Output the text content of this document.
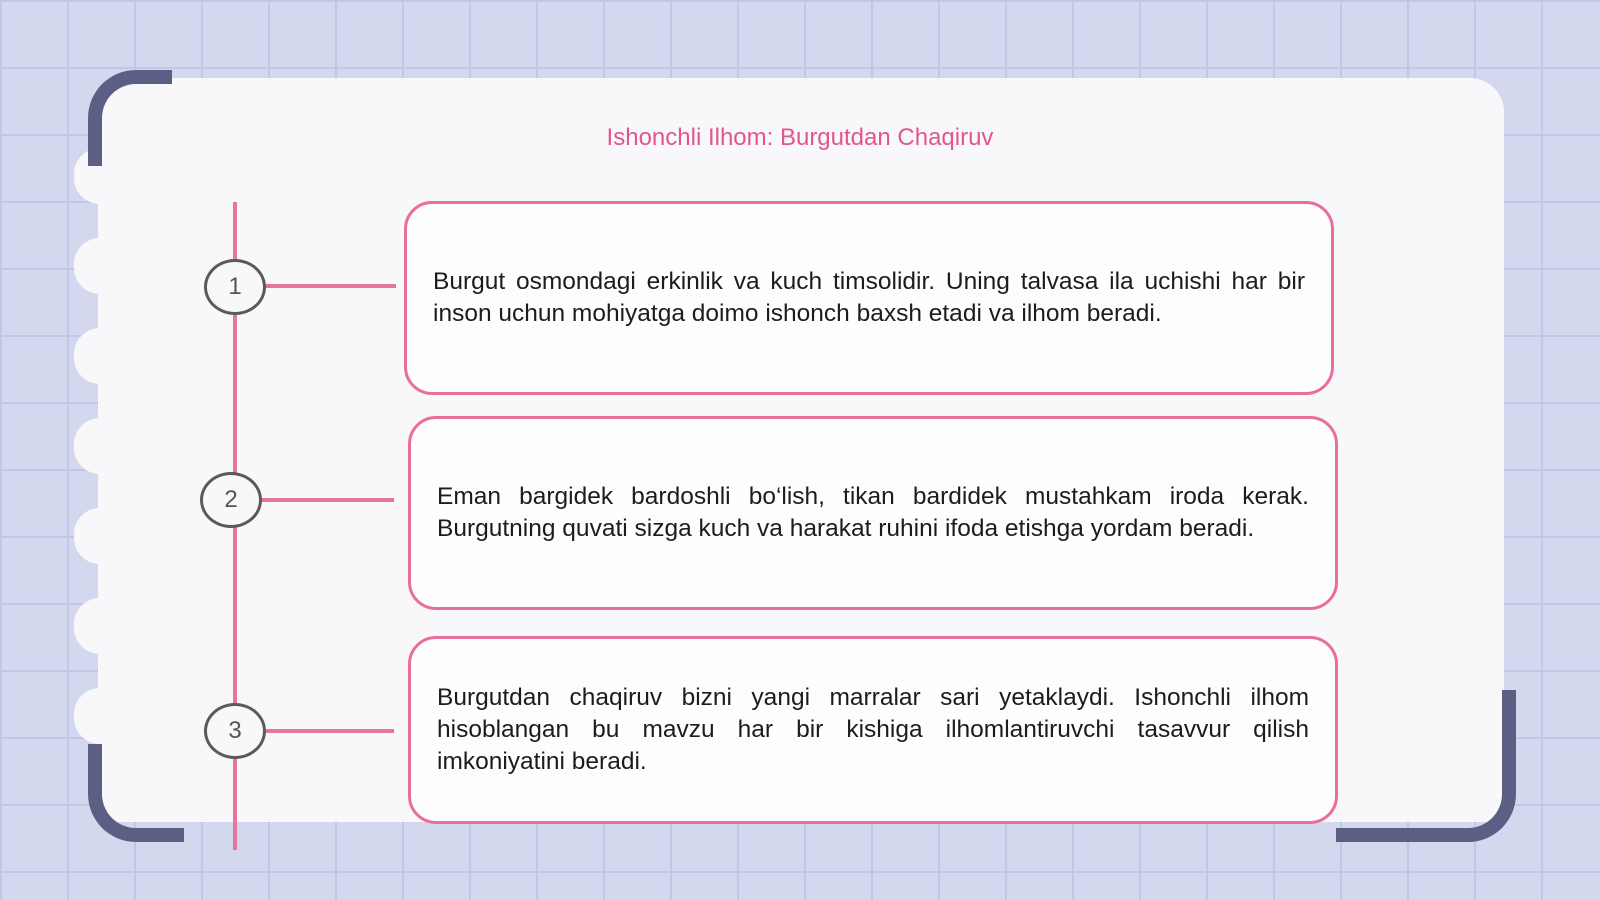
Ishonchli Ilhom: Burgutdan Chaqiruv
1
2
3

Burgut osmondagi erkinlik va kuch timsolidir. Uning talvasa ila uchishi har bir inson uchun mohiyatga doimo ishonch baxsh etadi va ilhom beradi.

Eman bargidek bardoshli bo‘lish, tikan bardidek mustahkam iroda kerak. Burgutning quvati sizga kuch va harakat ruhini ifoda etishga yordam beradi.

Burgutdan chaqiruv bizni yangi marralar sari yetaklaydi. Ishonchli ilhom hisoblangan bu mavzu har bir kishiga ilhomlantiruvchi tasavvur qilish imkoniyatini beradi.
